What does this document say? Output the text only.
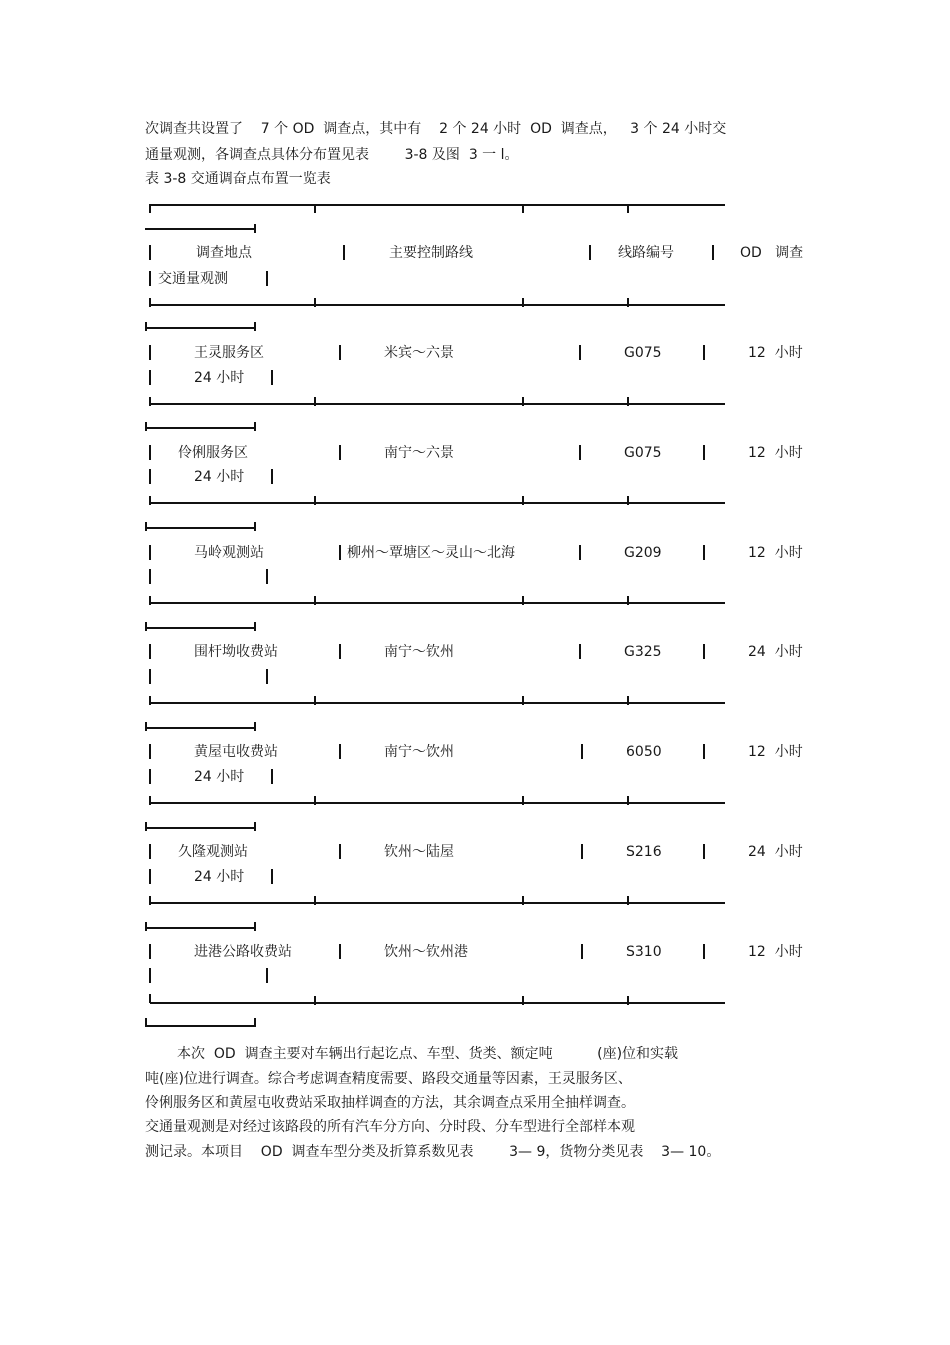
次调查共设置了    7 个 OD  调查点，其中有    2 个 24 小时  OD  调查点，   3 个 24 小时交
通量观测，各调查点具体分布置见表        3-8 及图  3 一 l。
表 3-8 交通调奋点布置一览表
调查地点	主要控制路线	线路编号	OD   调查
交通量观测
王灵服务区	米宾～六景	G075	12  小时
24 小时
伶俐服务区	南宁～六景	G075	12  小时
24 小时
马岭观测站	柳州～覃塘区～灵山～北海	G209	12  小时
围杆坳收费站	南宁～钦州	G325	24  小时
黄屋屯收费站	南宁～饮州	6050	12  小时
24 小时
久隆观测站	钦州～陆屋	S216	24  小时
24 小时
进港公路收费站	饮州～钦州港	S310	12  小时
本次  OD  调查主要对车辆出行起讫点、车型、货类、额定吨          (座)位和实载
吨(座)位进行调查。综合考虑调查精度需要、路段交通量等因素，王灵服务区、
伶俐服务区和黄屋屯收费站采取抽样调查的方法，其余调查点采用全抽样调查。
交通量观测是对经过该路段的所有汽车分方向、分时段、分车型进行全部样本观
测记录。本项目    OD  调查车型分类及折算系数见表        3— 9，货物分类见表    3— 10。
